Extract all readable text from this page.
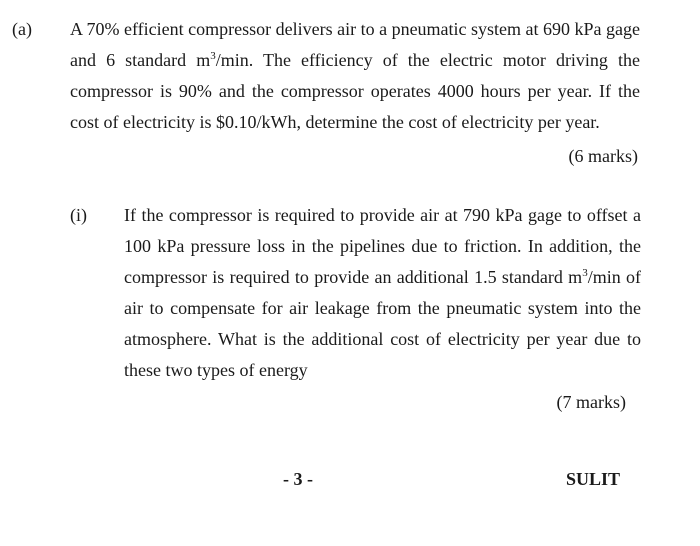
(a) A 70% efficient compressor delivers air to a pneumatic system at 690 kPa gage
and 6 standard $m^3/\min$. The efficiency of the electric motor driving the
compressor is 90% and the compressor operates 4000 hours per year. If the
cost of electricity is $0.10/kWh, determine the cost of electricity per year.
(6 marks)
(i) If the compressor is required to provide air at 790 kPa gage to offset a
100 kPa pressure loss in the pipelines due to friction. In addition, the
compressor is required to provide an additional 1.5 standard $m^3/\min$ of
air to compensate for air leakage from the pneumatic system into the
atmosphere. What is the additional cost of electricity per year due to
these two types of energy
(7 marks)
- 3 -	SULIT
